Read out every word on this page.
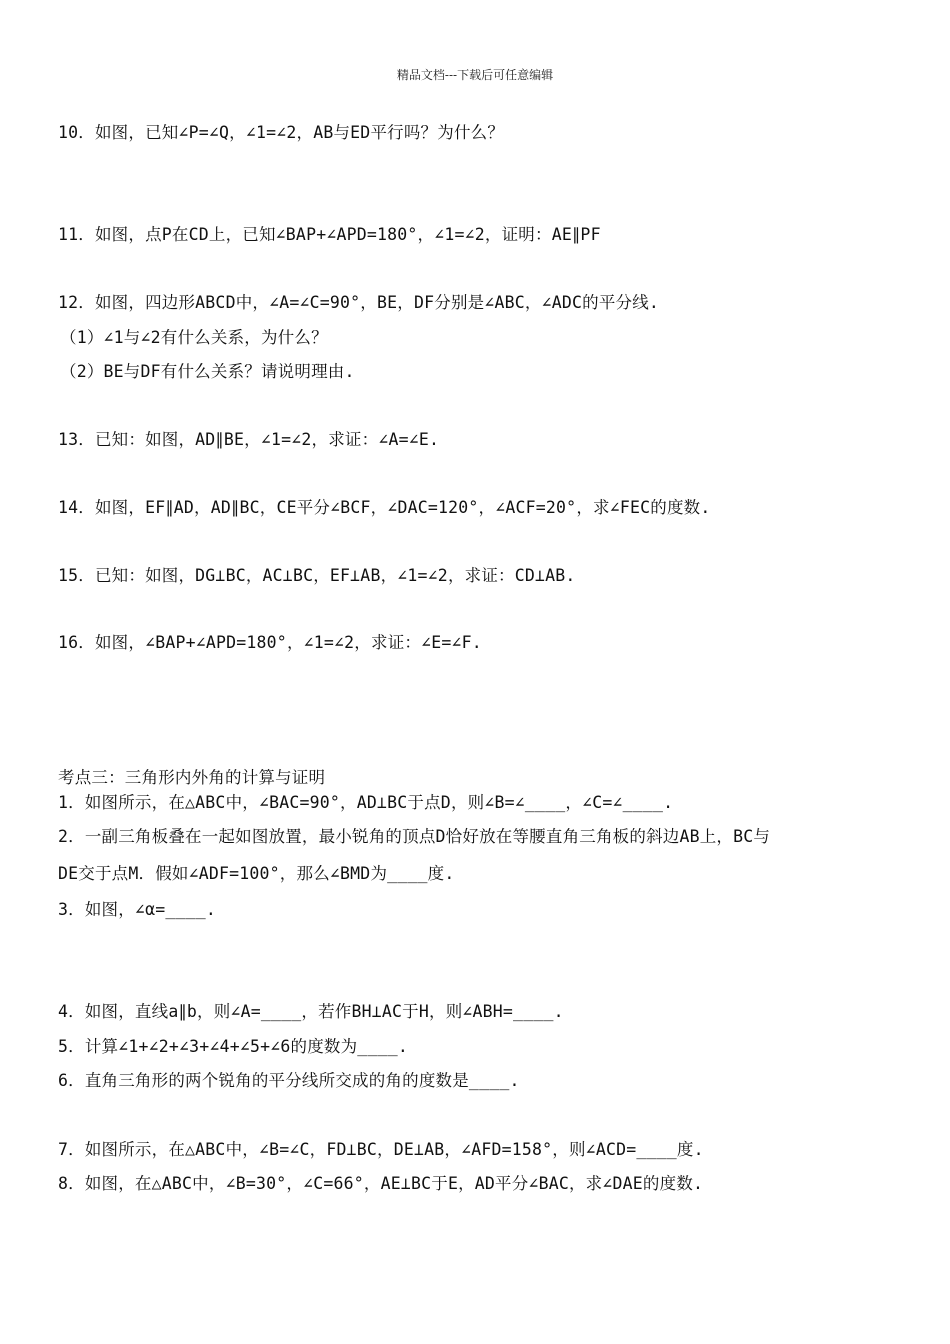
精品文档---下载后可任意编辑
10．如图，已知∠P=∠Q，∠1=∠2，AB与ED平行吗？为什么？
11．如图，点P在CD上，已知∠BAP+∠APD=180°，∠1=∠2，证明：AE∥PF
12．如图，四边形ABCD中，∠A=∠C=90°，BE，DF分别是∠ABC，∠ADC的平分线.
（1）∠1与∠2有什么关系，为什么？
（2）BE与DF有什么关系？请说明理由.
13．已知：如图，AD∥BE，∠1=∠2，求证：∠A=∠E.
14．如图，EF∥AD，AD∥BC，CE平分∠BCF，∠DAC=120°，∠ACF=20°，求∠FEC的度数.
15．已知：如图，DG⊥BC，AC⊥BC，EF⊥AB，∠1=∠2，求证：CD⊥AB.
16．如图，∠BAP+∠APD=180°，∠1=∠2，求证：∠E=∠F.
考点三：三角形内外角的计算与证明
1．如图所示，在△ABC中，∠BAC=90°，AD⊥BC于点D，则∠B=∠____，∠C=∠____.
2．一副三角板叠在一起如图放置，最小锐角的顶点D恰好放在等腰直角三角板的斜边AB上，BC与
DE交于点M．假如∠ADF=100°，那么∠BMD为____度.
3．如图，∠α=____.
4．如图，直线a∥b，则∠A=____，若作BH⊥AC于H，则∠ABH=____.
5．计算∠1+∠2+∠3+∠4+∠5+∠6的度数为____.
6．直角三角形的两个锐角的平分线所交成的角的度数是____.
7．如图所示，在△ABC中，∠B=∠C，FD⊥BC，DE⊥AB，∠AFD=158°，则∠ACD=____度.
8．如图，在△ABC中，∠B=30°，∠C=66°，AE⊥BC于E，AD平分∠BAC，求∠DAE的度数.
